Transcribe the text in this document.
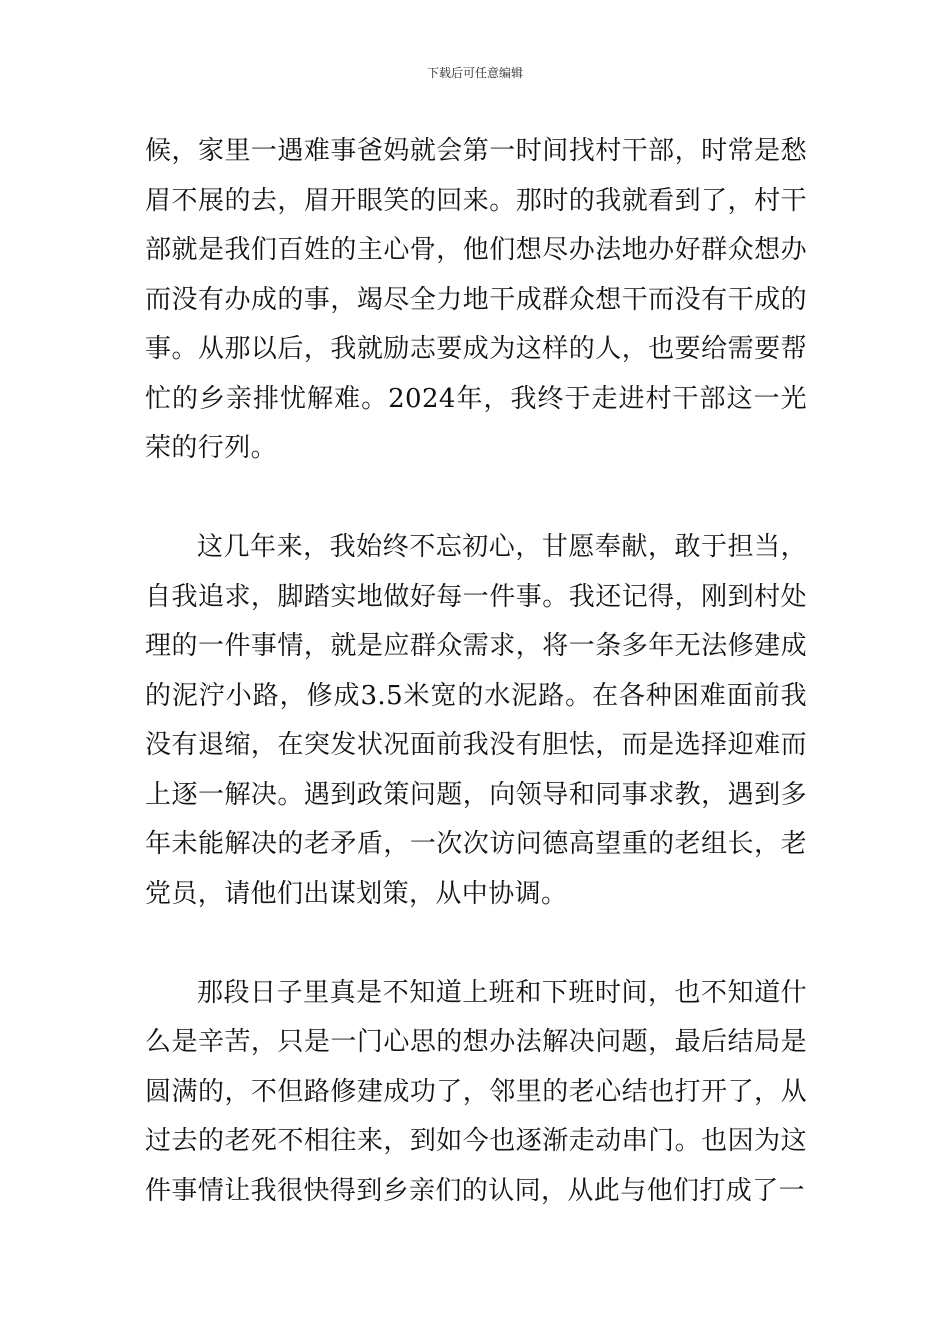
下载后可任意编辑

候，家里一遇难事爸妈就会第一时间找村干部，时常是愁眉不展的去，眉开眼笑的回来。那时的我就看到了，村干部就是我们百姓的主心骨，他们想尽办法地办好群众想办而没有办成的事，竭尽全力地干成群众想干而没有干成的事。从那以后，我就励志要成为这样的人，也要给需要帮忙的乡亲排忧解难。2024年，我终于走进村干部这一光荣的行列。

这几年来，我始终不忘初心，甘愿奉献，敢于担当，自我追求，脚踏实地做好每一件事。我还记得，刚到村处理的一件事情，就是应群众需求，将一条多年无法修建成的泥泞小路，修成3.5米宽的水泥路。在各种困难面前我没有退缩，在突发状况面前我没有胆怯，而是选择迎难而上逐一解决。遇到政策问题，向领导和同事求教，遇到多年未能解决的老矛盾，一次次访问德高望重的老组长，老党员，请他们出谋划策，从中协调。

那段日子里真是不知道上班和下班时间，也不知道什么是辛苦，只是一门心思的想办法解决问题，最后结局是圆满的，不但路修建成功了，邻里的老心结也打开了，从过去的老死不相往来，到如今也逐渐走动串门。也因为这件事情让我很快得到乡亲们的认同，从此与他们打成了一
